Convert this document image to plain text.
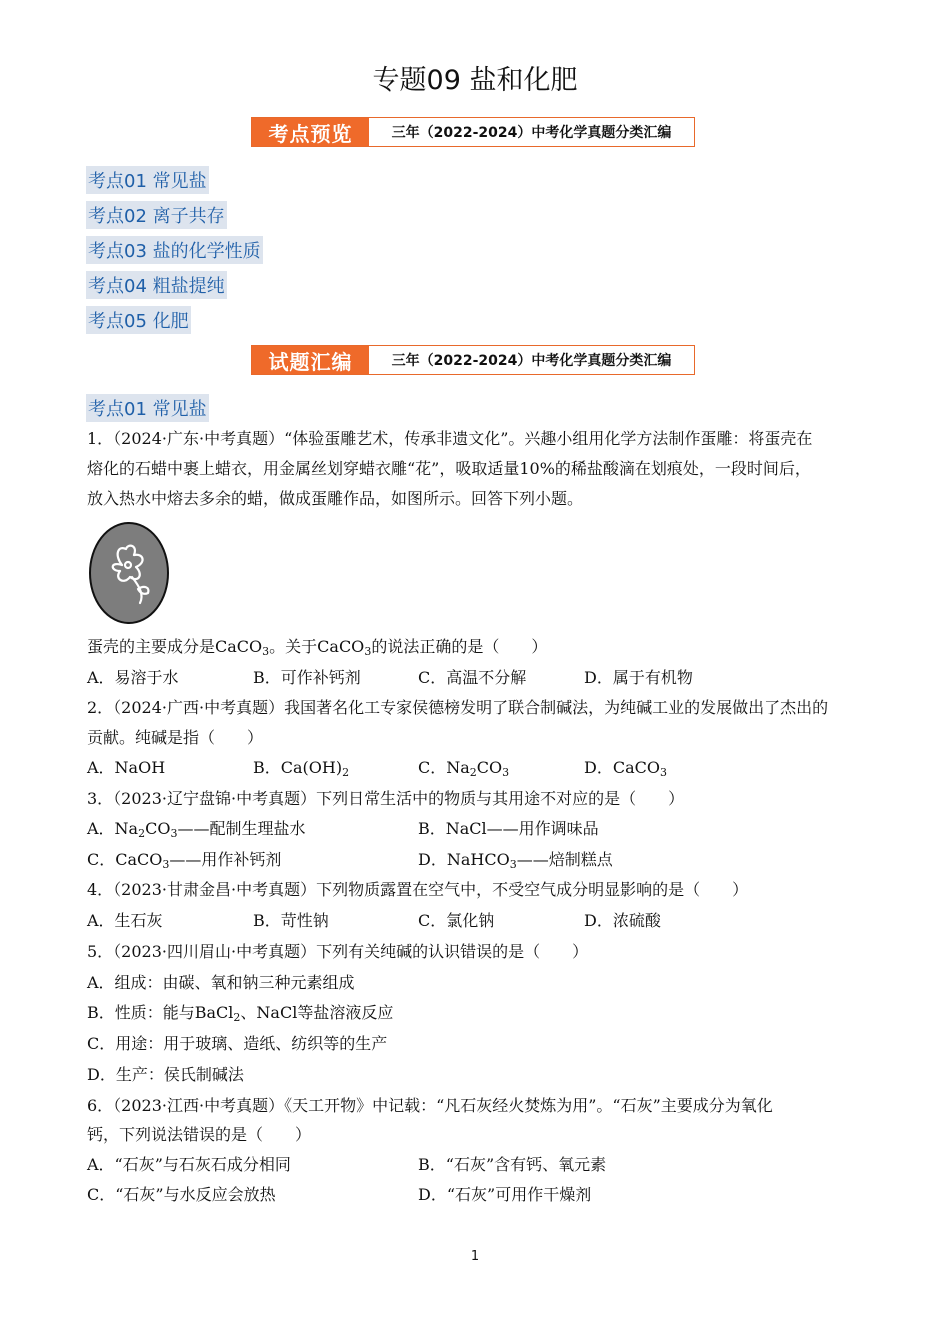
专题09 盐和化肥
考点预览	三年（2022-2024）中考化学真题分类汇编
考点01 常见盐
考点02 离子共存
考点03 盐的化学性质
考点04 粗盐提纯
考点05 化肥
试题汇编	三年（2022-2024）中考化学真题分类汇编
考点01 常见盐
1．（2024·广东·中考真题）“体验蛋雕艺术，传承非遗文化”。兴趣小组用化学方法制作蛋雕：将蛋壳在
熔化的石蜡中裹上蜡衣，用金属丝划穿蜡衣雕“花”，吸取适量10%的稀盐酸滴在划痕处，一段时间后，
放入热水中熔去多余的蜡，做成蛋雕作品，如图所示。回答下列小题。
蛋壳的主要成分是CaCO$_3$。关于CaCO$_3$的说法正确的是（　　）
A．易溶于水	B．可作补钙剂	C．高温不分解	D．属于有机物
2．（2024·广西·中考真题）我国著名化工专家侯德榜发明了联合制碱法，为纯碱工业的发展做出了杰出的
贡献。纯碱是指（　　）
A．NaOH	B．$Ca(OH)_2$	C．$Na_2CO_3$	D．CaCO$_3$
3．（2023·辽宁盘锦·中考真题）下列日常生活中的物质与其用途不对应的是（　　）
A．$Na_2CO_3——$配制生理盐水	B．NaCl——用作调味品
C．CaCO$_3$——用作补钙剂	D．NaHCO$_3$——焙制糕点
4．（2023·甘肃金昌·中考真题）下列物质露置在空气中，不受空气成分明显影响的是（　　）
A．生石灰	B．苛性钠	C．氯化钠	D．浓硫酸
5．（2023·四川眉山·中考真题）下列有关纯碱的认识错误的是（　　）
A．组成：由碳、氧和钠三种元素组成
B．性质：能与BaCl$_2$、NaCl等盐溶液反应
C．用途：用于玻璃、造纸、纺织等的生产
D．生产：侯氏制碱法
6．（2023·江西·中考真题）《天工开物》中记载：“凡石灰经火焚炼为用”。“石灰”主要成分为氧化
钙，下列说法错误的是（　　）
A．“石灰”与石灰石成分相同	B．“石灰”含有钙、氧元素
C．“石灰”与水反应会放热	D．“石灰”可用作干燥剂
1
